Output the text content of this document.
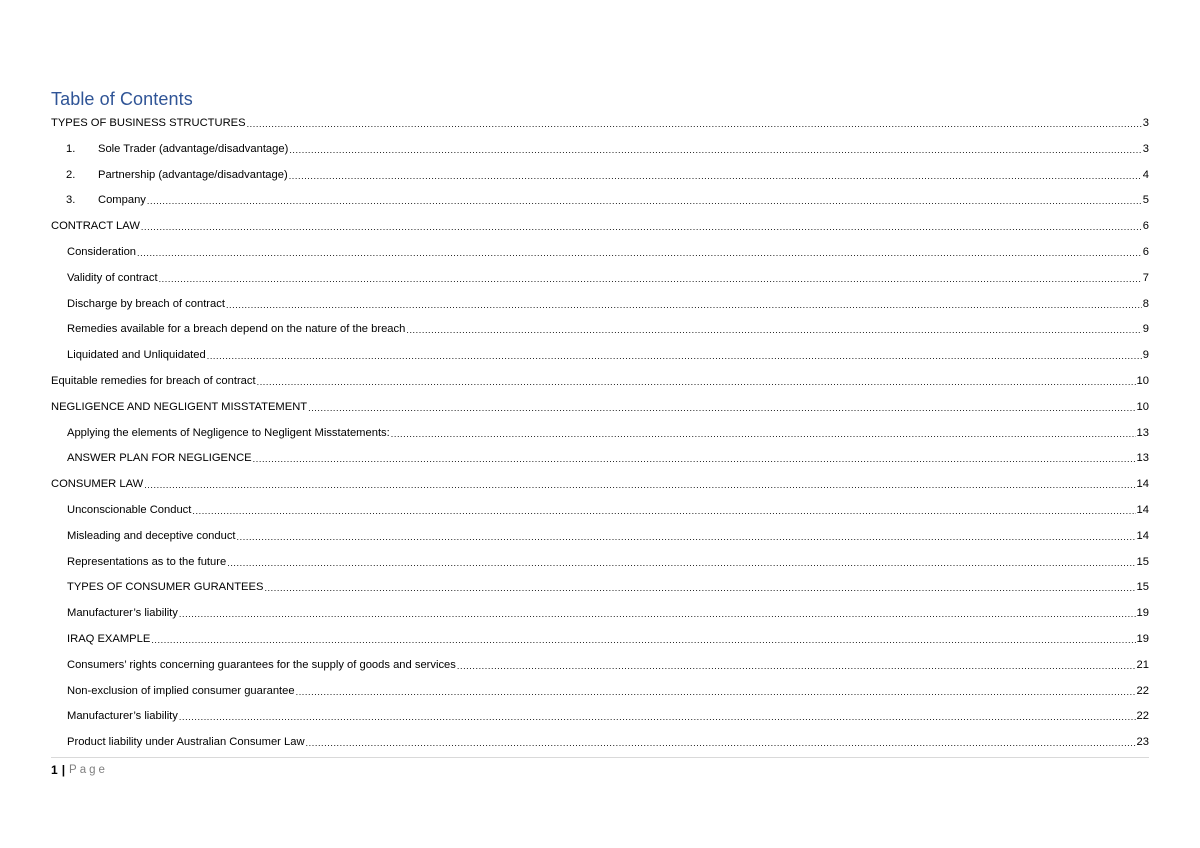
Table of Contents
TYPES OF BUSINESS STRUCTURES .....	3
1.	Sole Trader (advantage/disadvantage) .....	3
2.	Partnership (advantage/disadvantage) .....	4
3.	Company .....	5
CONTRACT LAW .....	6
Consideration .....	6
Validity of contract .....	7
Discharge by breach of contract .....	8
Remedies available for a breach depend on the nature of the breach .....	9
Liquidated and Unliquidated .....	9
Equitable remedies for breach of contract .....	10
NEGLIGENCE AND NEGLIGENT MISSTATEMENT .....	10
Applying the elements of Negligence to Negligent Misstatements: .....	13
ANSWER PLAN FOR NEGLIGENCE .....	13
CONSUMER LAW .....	14
Unconscionable Conduct .....	14
Misleading and deceptive conduct .....	14
Representations as to the future .....	15
TYPES OF CONSUMER GURANTEES .....	15
Manufacturer’s liability .....	19
IRAQ EXAMPLE .....	19
Consumers’ rights concerning guarantees for the supply of goods and services .....	21
Non-exclusion of implied consumer guarantee .....	22
Manufacturer’s liability .....	22
Product liability under Australian Consumer Law .....	23
1 | Page
